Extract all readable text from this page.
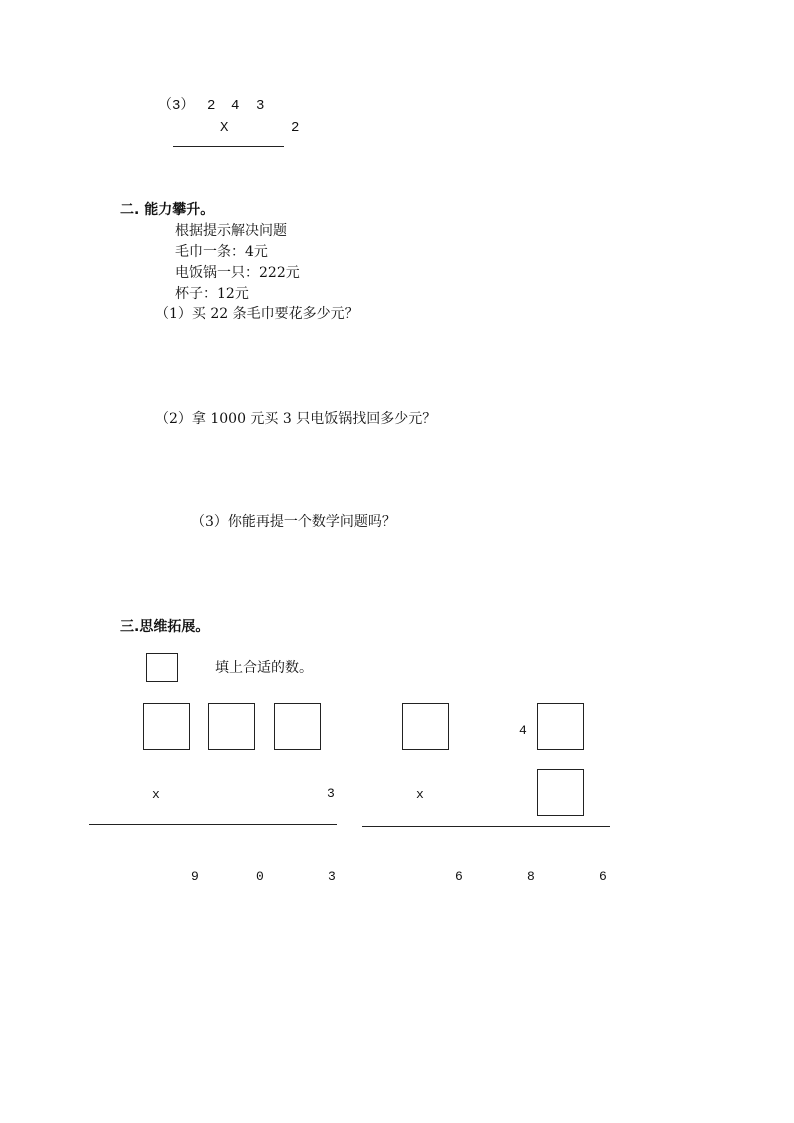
（3） 2 4 3
X	2
二. 能力攀升。
根据提示解决问题
毛巾一条：4元
电饭锅一只：222元
杯子：12元
（1）买 22 条毛巾要花多少元？
（2）拿 1000 元买 3 只电饭锅找回多少元？
（3）你能再提一个数学问题吗？
三.思维拓展。
填上合适的数。
x	3
9	0	3
4
x
6	8	6
